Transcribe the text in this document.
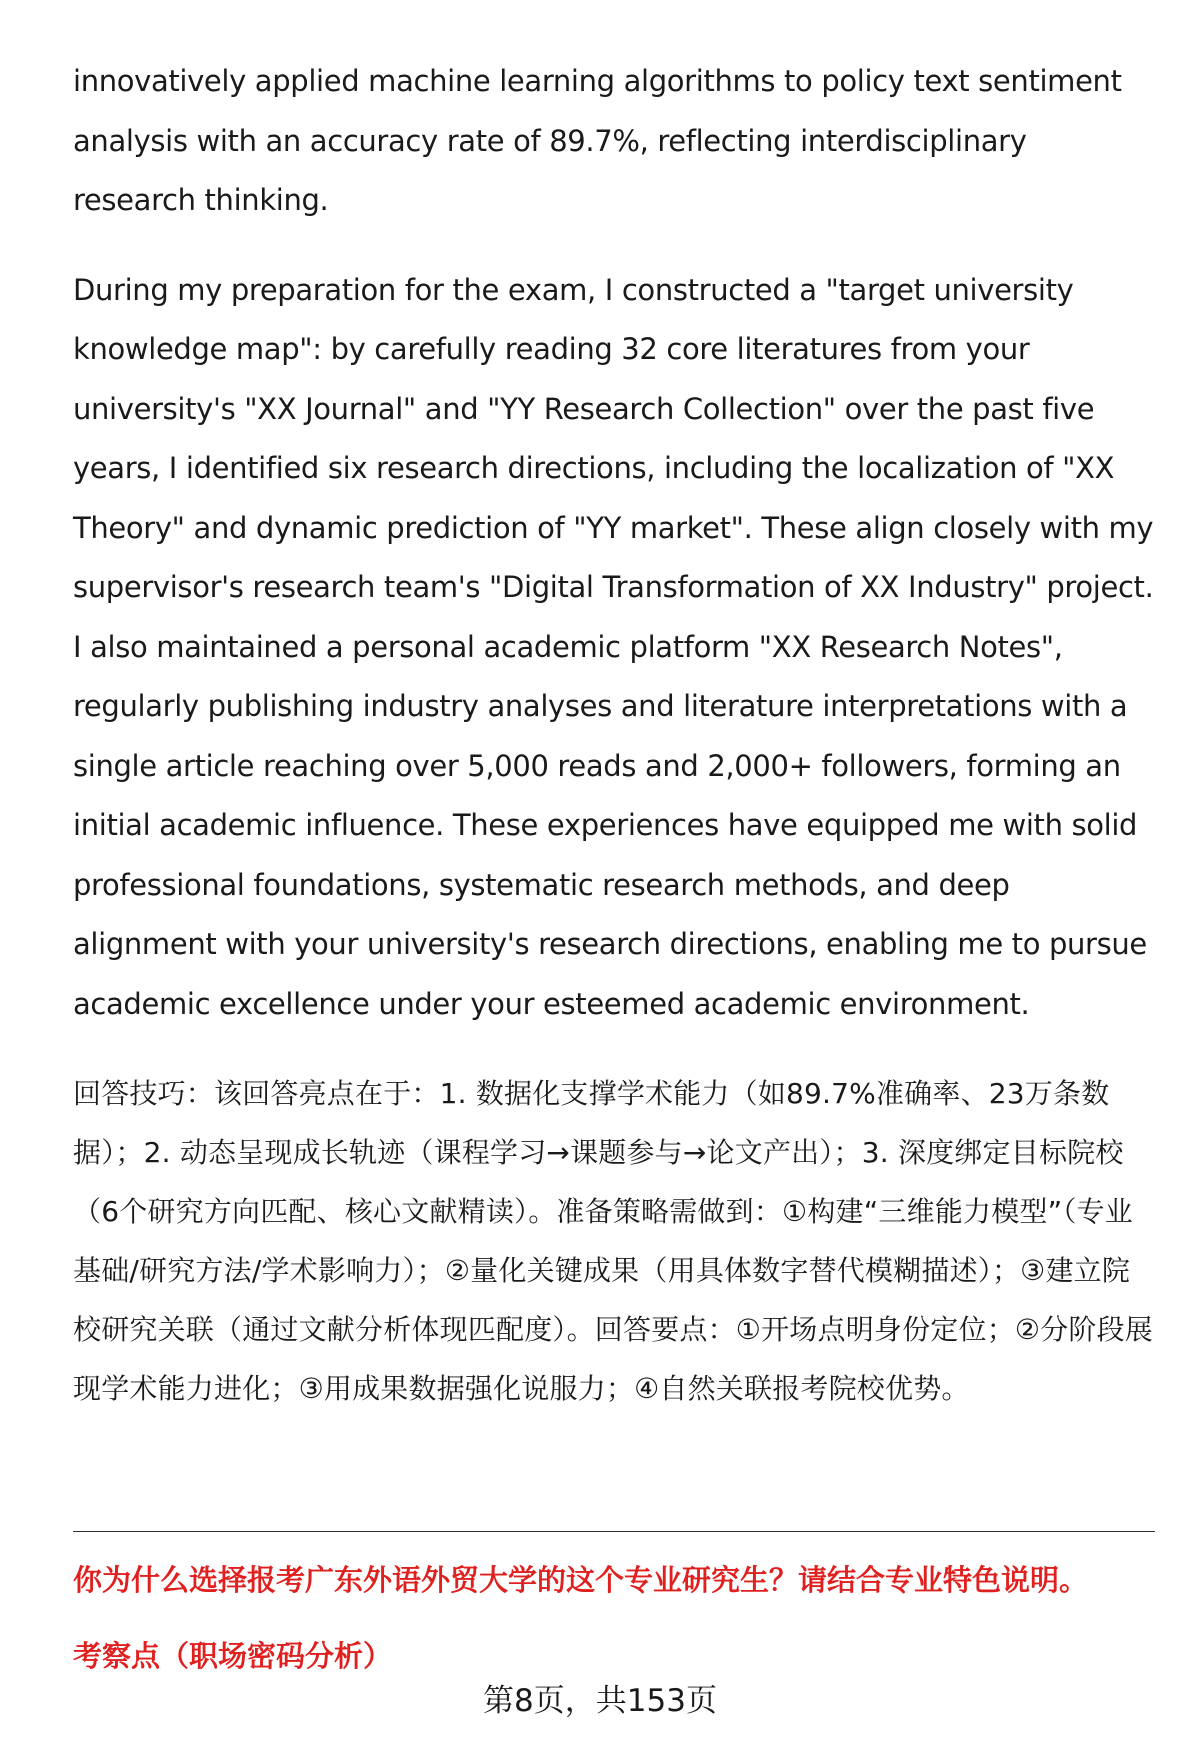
innovatively applied machine learning algorithms to policy text sentiment analysis with an accuracy rate of 89.7%, reflecting interdisciplinary research thinking.

During my preparation for the exam, I constructed a "target university knowledge map": by carefully reading 32 core literatures from your university's "XX Journal" and "YY Research Collection" over the past five years, I identified six research directions, including the localization of "XX Theory" and dynamic prediction of "YY market". These align closely with my supervisor's research team's "Digital Transformation of XX Industry" project. I also maintained a personal academic platform "XX Research Notes", regularly publishing industry analyses and literature interpretations with a single article reaching over 5,000 reads and 2,000+ followers, forming an initial academic influence. These experiences have equipped me with solid professional foundations, systematic research methods, and deep alignment with your university's research directions, enabling me to pursue academic excellence under your esteemed academic environment.

回答技巧：该回答亮点在于：1. 数据化支撑学术能力（如89.7%准确率、23万条数据）；2. 动态呈现成长轨迹（课程学习→课题参与→论文产出）；3. 深度绑定目标院校（6个研究方向匹配、核心文献精读）。准备策略需做到：①构建“三维能力模型”（专业基础/研究方法/学术影响力）；②量化关键成果（用具体数字替代模糊描述）；③建立院校研究关联（通过文献分析体现匹配度）。回答要点：①开场点明身份定位；②分阶段展现学术能力进化；③用成果数据强化说服力；④自然关联报考院校优势。

你为什么选择报考广东外语外贸大学的这个专业研究生？请结合专业特色说明。
考察点（职场密码分析）
第8页，共153页
